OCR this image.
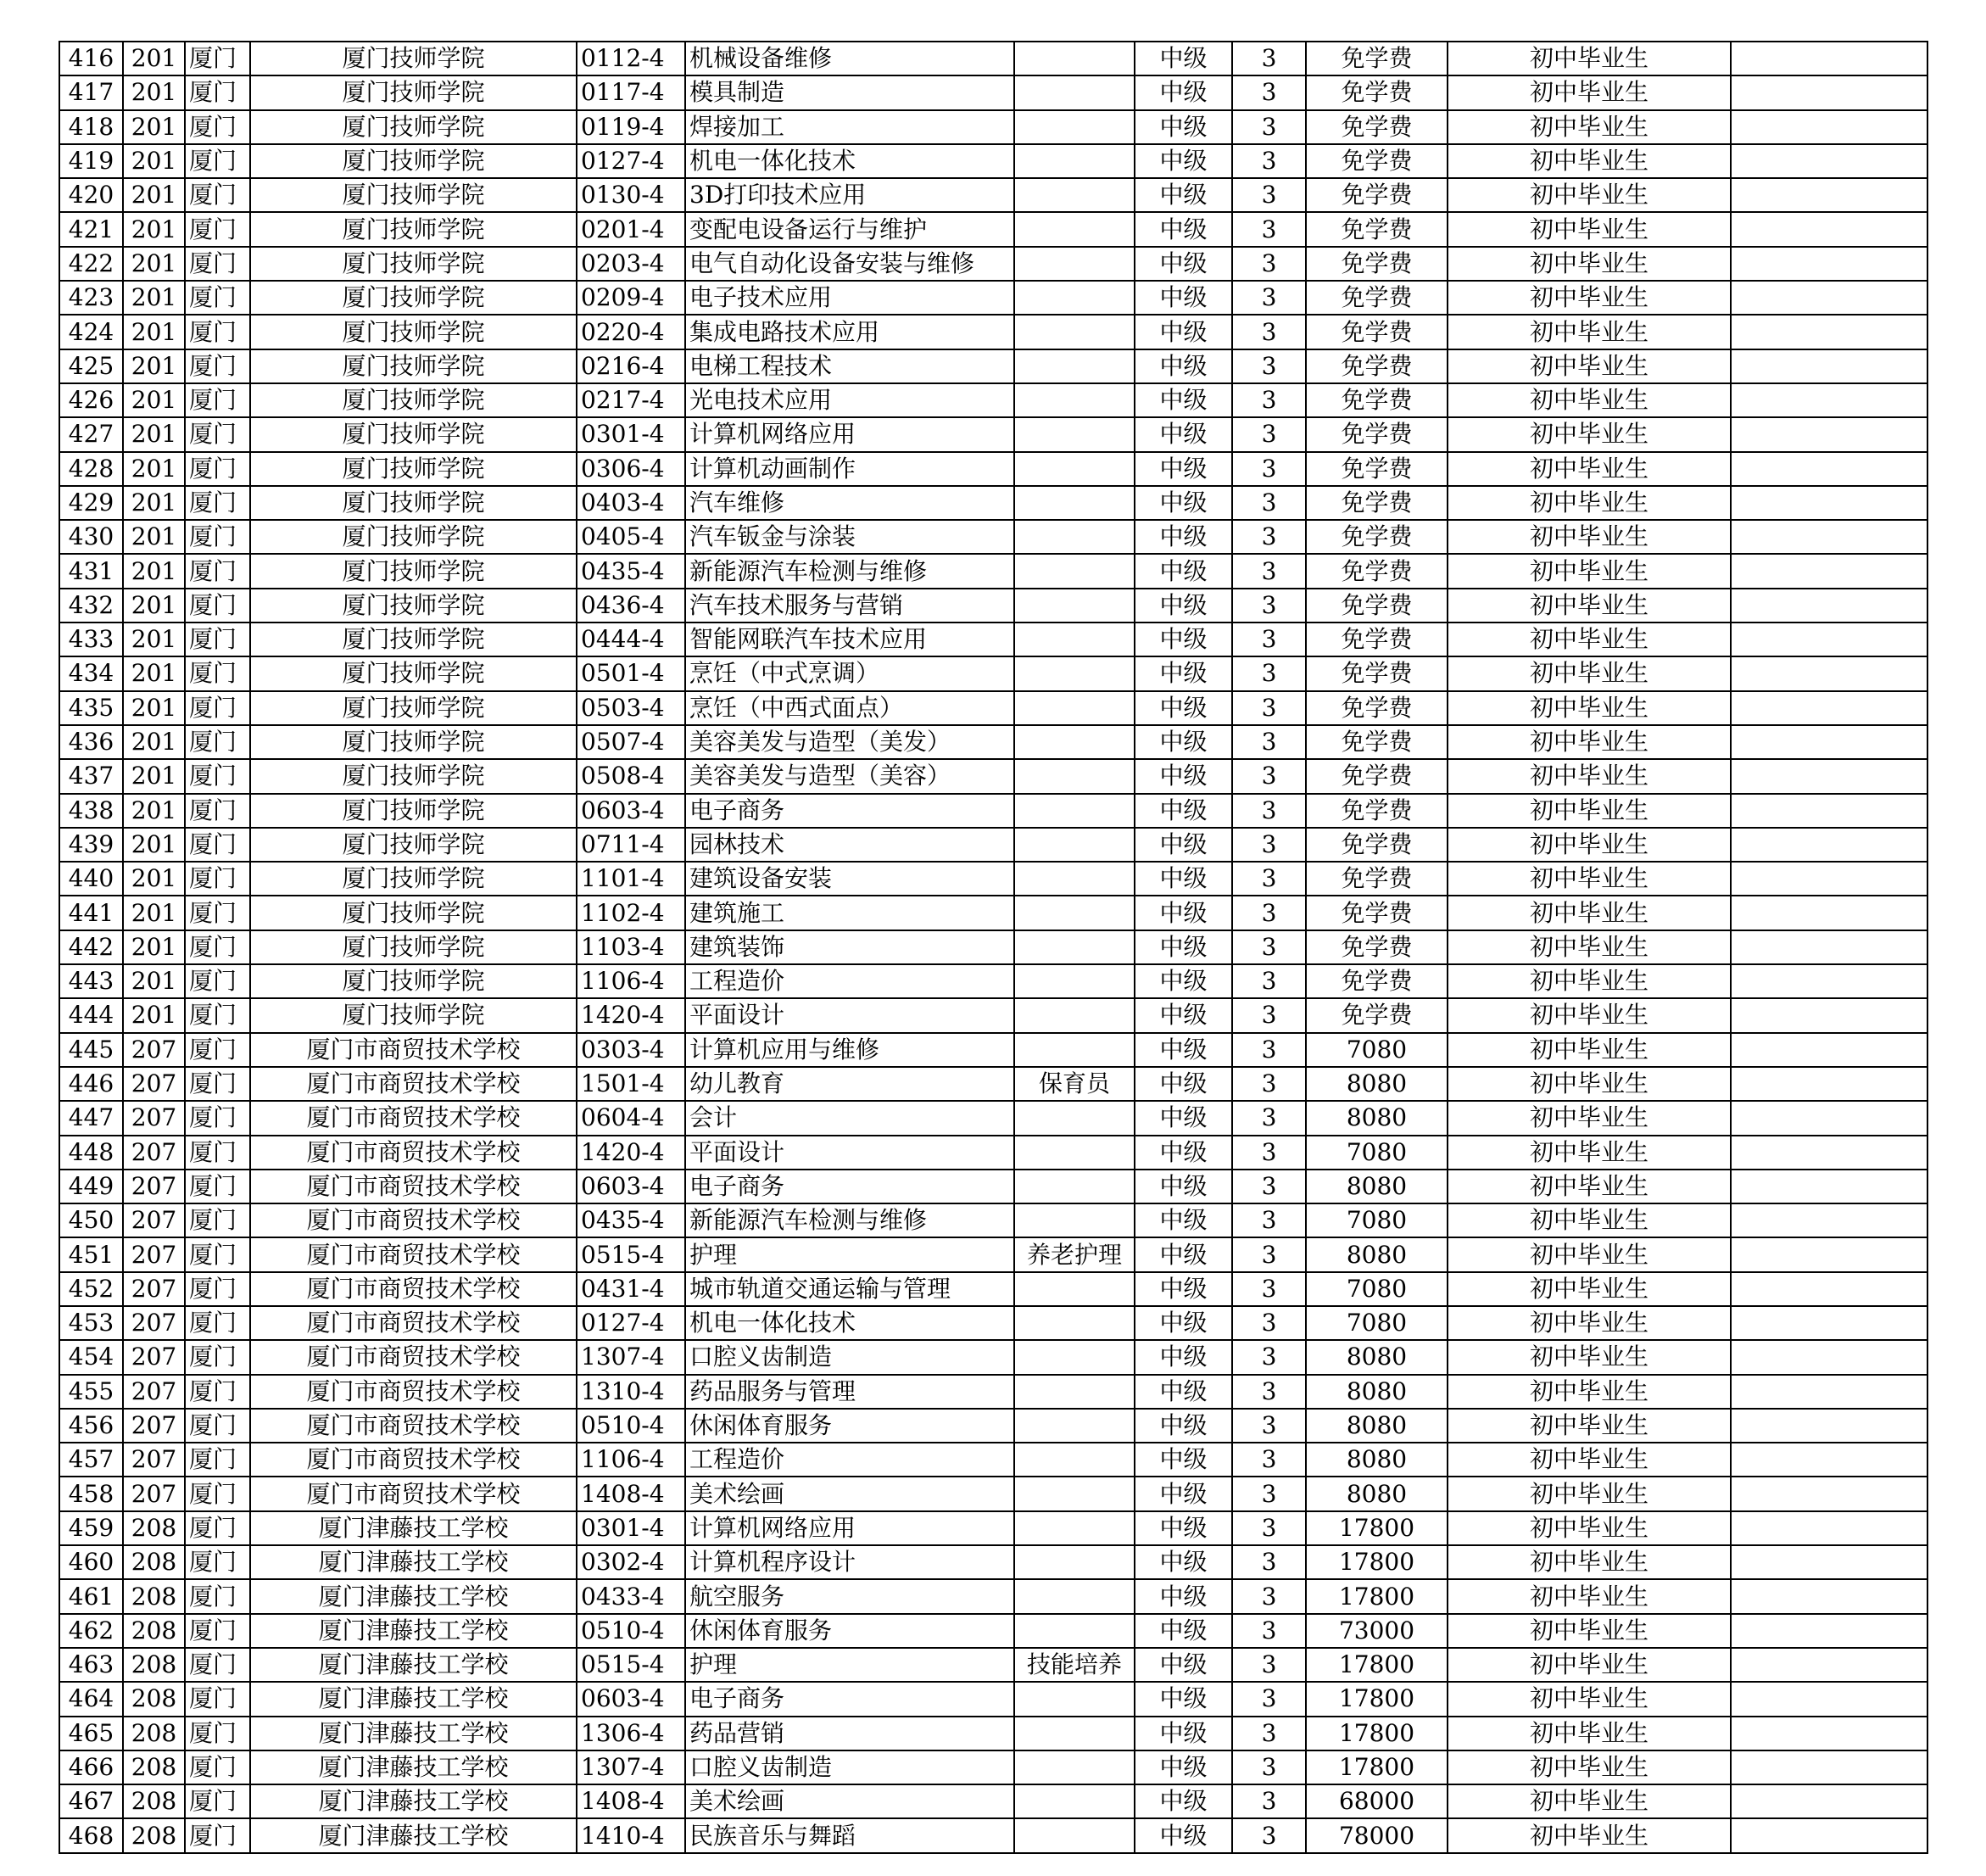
416	201	厦门	厦门技师学院	0112-4	机械设备维修		中级	3	免学费	初中毕业生	
417	201	厦门	厦门技师学院	0117-4	模具制造		中级	3	免学费	初中毕业生	
418	201	厦门	厦门技师学院	0119-4	焊接加工		中级	3	免学费	初中毕业生	
419	201	厦门	厦门技师学院	0127-4	机电一体化技术		中级	3	免学费	初中毕业生	
420	201	厦门	厦门技师学院	0130-4	3D打印技术应用		中级	3	免学费	初中毕业生	
421	201	厦门	厦门技师学院	0201-4	变配电设备运行与维护		中级	3	免学费	初中毕业生	
422	201	厦门	厦门技师学院	0203-4	电气自动化设备安装与维修		中级	3	免学费	初中毕业生	
423	201	厦门	厦门技师学院	0209-4	电子技术应用		中级	3	免学费	初中毕业生	
424	201	厦门	厦门技师学院	0220-4	集成电路技术应用		中级	3	免学费	初中毕业生	
425	201	厦门	厦门技师学院	0216-4	电梯工程技术		中级	3	免学费	初中毕业生	
426	201	厦门	厦门技师学院	0217-4	光电技术应用		中级	3	免学费	初中毕业生	
427	201	厦门	厦门技师学院	0301-4	计算机网络应用		中级	3	免学费	初中毕业生	
428	201	厦门	厦门技师学院	0306-4	计算机动画制作		中级	3	免学费	初中毕业生	
429	201	厦门	厦门技师学院	0403-4	汽车维修		中级	3	免学费	初中毕业生	
430	201	厦门	厦门技师学院	0405-4	汽车钣金与涂装		中级	3	免学费	初中毕业生	
431	201	厦门	厦门技师学院	0435-4	新能源汽车检测与维修		中级	3	免学费	初中毕业生	
432	201	厦门	厦门技师学院	0436-4	汽车技术服务与营销		中级	3	免学费	初中毕业生	
433	201	厦门	厦门技师学院	0444-4	智能网联汽车技术应用		中级	3	免学费	初中毕业生	
434	201	厦门	厦门技师学院	0501-4	烹饪（中式烹调）		中级	3	免学费	初中毕业生	
435	201	厦门	厦门技师学院	0503-4	烹饪（中西式面点）		中级	3	免学费	初中毕业生	
436	201	厦门	厦门技师学院	0507-4	美容美发与造型（美发）		中级	3	免学费	初中毕业生	
437	201	厦门	厦门技师学院	0508-4	美容美发与造型（美容）		中级	3	免学费	初中毕业生	
438	201	厦门	厦门技师学院	0603-4	电子商务		中级	3	免学费	初中毕业生	
439	201	厦门	厦门技师学院	0711-4	园林技术		中级	3	免学费	初中毕业生	
440	201	厦门	厦门技师学院	1101-4	建筑设备安装		中级	3	免学费	初中毕业生	
441	201	厦门	厦门技师学院	1102-4	建筑施工		中级	3	免学费	初中毕业生	
442	201	厦门	厦门技师学院	1103-4	建筑装饰		中级	3	免学费	初中毕业生	
443	201	厦门	厦门技师学院	1106-4	工程造价		中级	3	免学费	初中毕业生	
444	201	厦门	厦门技师学院	1420-4	平面设计		中级	3	免学费	初中毕业生	
445	207	厦门	厦门市商贸技术学校	0303-4	计算机应用与维修		中级	3	7080	初中毕业生	
446	207	厦门	厦门市商贸技术学校	1501-4	幼儿教育	保育员	中级	3	8080	初中毕业生	
447	207	厦门	厦门市商贸技术学校	0604-4	会计		中级	3	8080	初中毕业生	
448	207	厦门	厦门市商贸技术学校	1420-4	平面设计		中级	3	7080	初中毕业生	
449	207	厦门	厦门市商贸技术学校	0603-4	电子商务		中级	3	8080	初中毕业生	
450	207	厦门	厦门市商贸技术学校	0435-4	新能源汽车检测与维修		中级	3	7080	初中毕业生	
451	207	厦门	厦门市商贸技术学校	0515-4	护理	养老护理	中级	3	8080	初中毕业生	
452	207	厦门	厦门市商贸技术学校	0431-4	城市轨道交通运输与管理		中级	3	7080	初中毕业生	
453	207	厦门	厦门市商贸技术学校	0127-4	机电一体化技术		中级	3	7080	初中毕业生	
454	207	厦门	厦门市商贸技术学校	1307-4	口腔义齿制造		中级	3	8080	初中毕业生	
455	207	厦门	厦门市商贸技术学校	1310-4	药品服务与管理		中级	3	8080	初中毕业生	
456	207	厦门	厦门市商贸技术学校	0510-4	休闲体育服务		中级	3	8080	初中毕业生	
457	207	厦门	厦门市商贸技术学校	1106-4	工程造价		中级	3	8080	初中毕业生	
458	207	厦门	厦门市商贸技术学校	1408-4	美术绘画		中级	3	8080	初中毕业生	
459	208	厦门	厦门津藤技工学校	0301-4	计算机网络应用		中级	3	17800	初中毕业生	
460	208	厦门	厦门津藤技工学校	0302-4	计算机程序设计		中级	3	17800	初中毕业生	
461	208	厦门	厦门津藤技工学校	0433-4	航空服务		中级	3	17800	初中毕业生	
462	208	厦门	厦门津藤技工学校	0510-4	休闲体育服务		中级	3	73000	初中毕业生	
463	208	厦门	厦门津藤技工学校	0515-4	护理	技能培养	中级	3	17800	初中毕业生	
464	208	厦门	厦门津藤技工学校	0603-4	电子商务		中级	3	17800	初中毕业生	
465	208	厦门	厦门津藤技工学校	1306-4	药品营销		中级	3	17800	初中毕业生	
466	208	厦门	厦门津藤技工学校	1307-4	口腔义齿制造		中级	3	17800	初中毕业生	
467	208	厦门	厦门津藤技工学校	1408-4	美术绘画		中级	3	68000	初中毕业生	
468	208	厦门	厦门津藤技工学校	1410-4	民族音乐与舞蹈		中级	3	78000	初中毕业生	
